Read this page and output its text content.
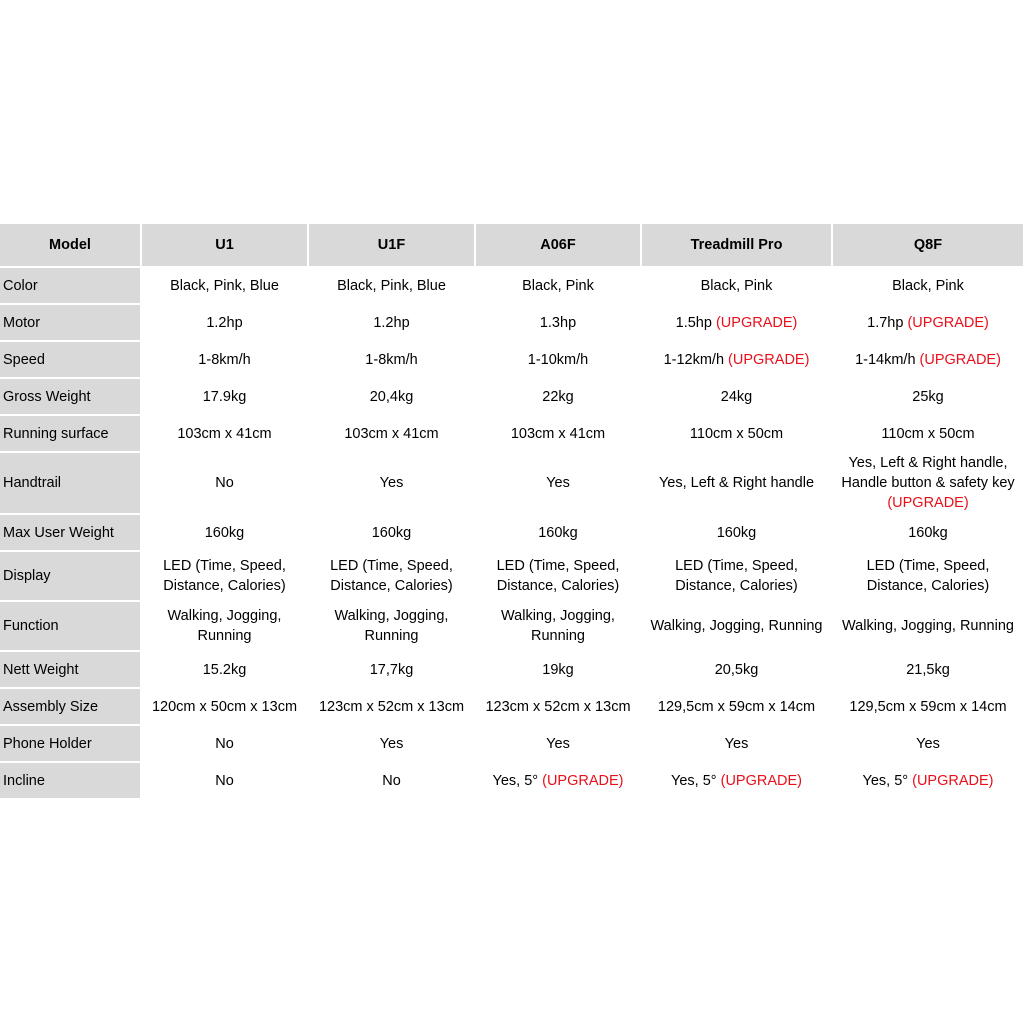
Model	U1	U1F	A06F	Treadmill Pro	Q8F
Color	Black, Pink, Blue	Black, Pink, Blue	Black, Pink	Black, Pink	Black, Pink
Motor	1.2hp	1.2hp	1.3hp	1.5hp (UPGRADE)	1.7hp (UPGRADE)
Speed	1-8km/h	1-8km/h	1-10km/h	1-12km/h (UPGRADE)	1-14km/h (UPGRADE)
Gross Weight	17.9kg	20,4kg	22kg	24kg	25kg
Running surface	103cm x 41cm	103cm x 41cm	103cm x 41cm	110cm x 50cm	110cm x 50cm
Handtrail	No	Yes	Yes	Yes, Left & Right handle	Yes, Left & Right handle,
Handle button & safety key
(UPGRADE)
Max User Weight	160kg	160kg	160kg	160kg	160kg
Display	LED (Time, Speed,
Distance, Calories)	LED (Time, Speed,
Distance, Calories)	LED (Time, Speed,
Distance, Calories)	LED (Time, Speed,
Distance, Calories)	LED (Time, Speed,
Distance, Calories)
Function	Walking, Jogging,
Running	Walking, Jogging,
Running	Walking, Jogging,
Running	Walking, Jogging, Running	Walking, Jogging, Running
Nett Weight	15.2kg	17,7kg	19kg	20,5kg	21,5kg
Assembly Size	120cm x 50cm x 13cm	123cm x 52cm x 13cm	123cm x 52cm x 13cm	129,5cm x 59cm x 14cm	129,5cm x 59cm x 14cm
Phone Holder	No	Yes	Yes	Yes	Yes
Incline	No	No	Yes, 5° (UPGRADE)	Yes, 5° (UPGRADE)	Yes, 5° (UPGRADE)
